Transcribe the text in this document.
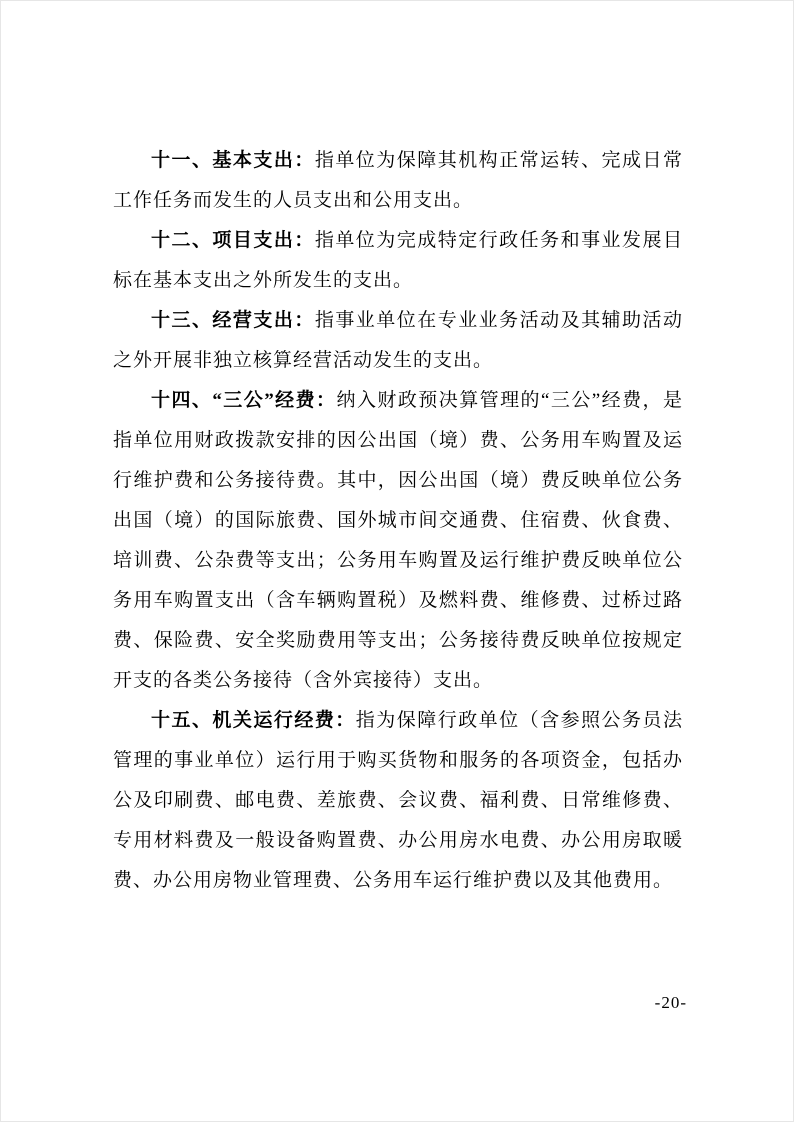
十一、基本支出：指单位为保障其机构正常运转、完成日常工作任务而发生的人员支出和公用支出。

十二、项目支出：指单位为完成特定行政任务和事业发展目标在基本支出之外所发生的支出。

十三、经营支出：指事业单位在专业业务活动及其辅助活动之外开展非独立核算经营活动发生的支出。

十四、“三公”经费：纳入财政预决算管理的“三公”经费，是指单位用财政拨款安排的因公出国（境）费、公务用车购置及运行维护费和公务接待费。其中，因公出国（境）费反映单位公务出国（境）的国际旅费、国外城市间交通费、住宿费、伙食费、培训费、公杂费等支出；公务用车购置及运行维护费反映单位公务用车购置支出（含车辆购置税）及燃料费、维修费、过桥过路费、保险费、安全奖励费用等支出；公务接待费反映单位按规定开支的各类公务接待（含外宾接待）支出。

十五、机关运行经费：指为保障行政单位（含参照公务员法管理的事业单位）运行用于购买货物和服务的各项资金，包括办公及印刷费、邮电费、差旅费、会议费、福利费、日常维修费、专用材料费及一般设备购置费、办公用房水电费、办公用房取暖费、办公用房物业管理费、公务用车运行维护费以及其他费用。

-20-
